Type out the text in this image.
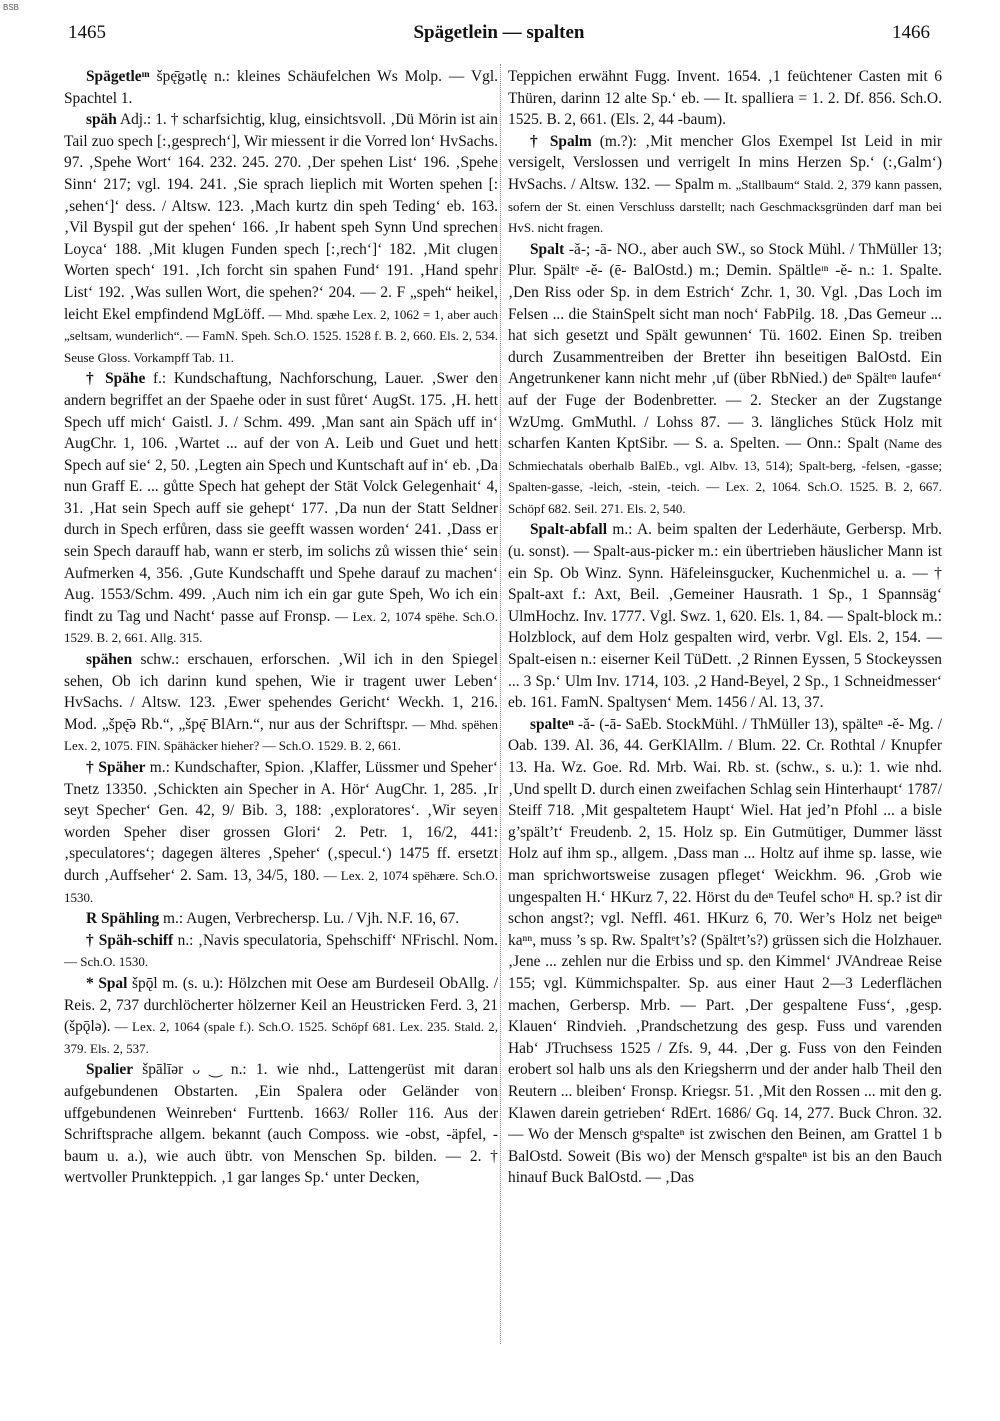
BSB
1465	Spägetlein — spalten	1466

Spägetleᶦⁿ špę̄gətlę n.: kleines Schäufelchen Ws Molp. — Vgl. Spachtel 1.

späh Adj.: 1. † scharfsichtig, klug, einsichtsvoll. ‚Dü Mörin ist ain Tail zuo spech [:‚gesprech‘], Wir miessent ir die Vorred lon‘ HvSachs. 97. ‚Spehe Wort‘ 164. 232. 245. 270. ‚Der spehen List‘ 196. ‚Spehe Sinn‘ 217; vgl. 194. 241. ‚Sie sprach lieplich mit Worten spehen [:‚sehen‘]‘ dess. / Altsw. 123. ‚Mach kurtz din speh Teding‘ eb. 163. ‚Vil Byspil gut der spehen‘ 166. ‚Ir habent speh Synn Und sprechen Loyca‘ 188. ‚Mit klugen Funden spech [:‚rech‘]‘ 182. ‚Mit clugen Worten spech‘ 191. ‚Ich forcht sin spahen Fund‘ 191. ‚Hand spehr List‘ 192. ‚Was sullen Wort, die spehen?‘ 204. — 2. F „speh“ heikel, leicht Ekel empfindend MgLöff. — Mhd. spæhe Lex. 2, 1062 = 1, aber auch „seltsam, wunderlich“. — FamN. Speh. Sch.O. 1525. 1528 f. B. 2, 660. Els. 2, 534. Seuse Gloss. Vorkampff Tab. 11.

† Spähe f.: Kundschaftung, Nachforschung, Lauer. ‚Swer den andern begriffet an der Spaehe oder in sust fůret‘ AugSt. 175. ‚H. hett Spech uff mich‘ Gaistl. J. / Schm. 499. ‚Man sant ain Späch uff in‘ AugChr. 1, 106. ‚Wartet ... auf der von A. Leib und Guet und hett Spech auf sie‘ 2, 50. ‚Legten ain Spech und Kuntschaft auf in‘ eb. ‚Da nun Graff E. ... gůtte Spech hat gehept der Stät Volck Gelegenhait‘ 4, 31. ‚Hat sein Spech auff sie gehept‘ 177. ‚Da nun der Statt Seldner durch in Spech erfůren, dass sie geefft wassen worden‘ 241. ‚Dass er sein Spech darauff hab, wann er sterb, im solichs zů wissen thie‘ sein Aufmerken 4, 356. ‚Gute Kundschafft und Spehe darauf zu machen‘ Aug. 1553/Schm. 499. ‚Auch nim ich ein gar gute Speh, Wo ich ein findt zu Tag und Nacht‘ passe auf Fronsp. — Lex. 2, 1074 spëhe. Sch.O. 1529. B. 2, 661. Allg. 315.

spähen schw.: erschauen, erforschen. ‚Wil ich in den Spiegel sehen, Ob ich darinn kund spehen, Wie ir tragent uwer Leben‘ HvSachs. / Altsw. 123. ‚Ewer spehendes Gericht‘ Weckh. 1, 216. Mod. „špę̄ə Rb.“, „špę̄ BlArn.“, nur aus der Schriftspr. — Mhd. spëhen Lex. 2, 1075. FIN. Spähäcker hieher? — Sch.O. 1529. B. 2, 661.

† Späher m.: Kundschafter, Spion. ‚Klaffer, Lüssmer und Speher‘ Tnetz 13350. ‚Schickten ain Specher in A. Hör‘ AugChr. 1, 285. ‚Ir seyt Specher‘ Gen. 42, 9/ Bib. 3, 188: ‚exploratores‘. ‚Wir seyen worden Speher diser grossen Glori‘ 2. Petr. 1, 16/2, 441: ‚speculatores‘; dagegen älteres ‚Speher‘ (‚specul.‘) 1475 ff. ersetzt durch ‚Auffseher‘ 2. Sam. 13, 34/5, 180. — Lex. 2, 1074 spëhære. Sch.O. 1530.

R Spähling m.: Augen, Verbrechersp. Lu. / Vjh. N.F. 16, 67.

† Späh-schiff n.: ‚Navis speculatoria, Spehschiff‘ NFrischl. Nom. — Sch.O. 1530.

* Spal špǭl m. (s. u.): Hölzchen mit Oese am Burdeseil ObAllg. / Reis. 2, 737 durchlöcherter hölzerner Keil an Heustricken Ferd. 3, 21 (špǭlə). — Lex. 2, 1064 (spale f.). Sch.O. 1525. Schöpf 681. Lex. 235. Stald. 2, 379. Els. 2, 537.

Spalier špālīər ᴗ ‿ n.: 1. wie nhd., Lattengerüst mit daran aufgebundenen Obstarten. ‚Ein Spalera oder Geländer von uffgebundenen Weinreben‘ Furttenb. 1663/ Roller 116. Aus der Schriftsprache allgem. bekannt (auch Composs. wie -obst, -äpfel, -baum u. a.), wie auch übtr. von Menschen Sp. bilden. — 2. † wertvoller Prunkteppich. ‚1 gar langes Sp.‘ unter Decken,

Teppichen erwähnt Fugg. Invent. 1654. ‚1 feüchtener Casten mit 6 Thüren, darinn 12 alte Sp.‘ eb. — It. spalliera = 1. 2. Df. 856. Sch.O. 1525. B. 2, 661. (Els. 2, 44 -baum).

† Spalm (m.?): ‚Mit mencher Glos Exempel Ist Leid in mir versigelt, Verslossen und verrigelt In mins Herzen Sp.‘ (:‚Galm‘) HvSachs. / Altsw. 132. — Spalm m. „Stallbaum“ Stald. 2, 379 kann passen, sofern der St. einen Verschluss darstellt; nach Geschmacksgründen darf man bei HvS. nicht fragen.

Spalt -ă-; -ā- NO., aber auch SW., so Stock Mühl. / ThMüller 13; Plur. Spältᵉ -ĕ- (ē- BalOstd.) m.; Demin. Spältleᶦⁿ -ĕ- n.: 1. Spalte. ‚Den Riss oder Sp. in dem Estrich‘ Zchr. 1, 30. Vgl. ‚Das Loch im Felsen ... die StainSpelt sicht man noch‘ FabPilg. 18. ‚Das Gemeur ... hat sich gesetzt und Spält gewunnen‘ Tü. 1602. Einen Sp. treiben durch Zusammentreiben der Bretter ihn beseitigen BalOstd. Ein Angetrunkener kann nicht mehr ‚uf (über RbNied.) deⁿ Spältᵉⁿ laufeⁿ‘ auf der Fuge der Bodenbretter. — 2. Stecker an der Zugstange WzUmg. GmMuthl. / Lohss 87. — 3. längliches Stück Holz mit scharfen Kanten KptSibr. — S. a. Spelten. — Onn.: Spalt (Name des Schmiechatals oberhalb BalEb., vgl. Albv. 13, 514); Spalt-berg, -felsen, -gasse; Spalten-gasse, -leich, -stein, -teich. — Lex. 2, 1064. Sch.O. 1525. B. 2, 667. Schöpf 682. Seil. 271. Els. 2, 540.

Spalt-abfall m.: A. beim spalten der Lederhäute, Gerbersp. Mrb. (u. sonst). — Spalt-aus-picker m.: ein übertrieben häuslicher Mann ist ein Sp. Ob Winz. Synn. Häfeleinsgucker, Kuchenmichel u. a. — † Spalt-axt f.: Axt, Beil. ‚Gemeiner Hausrath. 1 Sp., 1 Spannsäg‘ UlmHochz. Inv. 1777. Vgl. Swz. 1, 620. Els. 1, 84. — Spalt-block m.: Holzblock, auf dem Holz gespalten wird, verbr. Vgl. Els. 2, 154. — Spalt-eisen n.: eiserner Keil TüDett. ‚2 Rinnen Eyssen, 5 Stockeyssen ... 3 Sp.‘ Ulm Inv. 1714, 103. ‚2 Hand-Beyel, 2 Sp., 1 Schneidmesser‘ eb. 161. FamN. Spaltysen‘ Mem. 1456 / Al. 13, 37.

spalteⁿ -ă- (-ā- SaEb. StockMühl. / ThMüller 13), spälteⁿ -ĕ- Mg. / Oab. 139. Al. 36, 44. GerKlAllm. / Blum. 22. Cr. Rothtal / Knupfer 13. Ha. Wz. Goe. Rd. Mrb. Wai. Rb. st. (schw., s. u.): 1. wie nhd. ‚Und spellt D. durch einen zweifachen Schlag sein Hinterhaupt‘ 1787/ Steiff 718. ‚Mit gespaltetem Haupt‘ Wiel. Hat jed’n Pfohl ... a bisle g’spält’t‘ Freudenb. 2, 15. Holz sp. Ein Gutmütiger, Dummer lässt Holz auf ihm sp., allgem. ‚Dass man ... Holtz auf ihme sp. lasse, wie man sprichwortsweise zusagen pfleget‘ Weickhm. 96. ‚Grob wie ungespalten H.‘ HKurz 7, 22. Hörst du deⁿ Teufel schoⁿ H. sp.? ist dir schon angst?; vgl. Neffl. 461. HKurz 6, 70. Wer’s Holz net beigeⁿ kaⁿⁿ, muss ’s sp. Rw. Spaltᵉt’s? (Spältᵉt’s?) grüssen sich die Holzhauer. ‚Jene ... zehlen nur die Erbiss und sp. den Kimmel‘ JVAndreae Reise 155; vgl. Kümmichspalter. Sp. aus einer Haut 2—3 Lederflächen machen, Gerbersp. Mrb. — Part. ‚Der gespaltene Fuss‘, ‚gesp. Klauen‘ Rindvieh. ‚Prandschetzung des gesp. Fuss und varenden Hab‘ JTruchsess 1525 / Zfs. 9, 44. ‚Der g. Fuss von den Feinden erobert sol halb uns als den Kriegsherrn und der ander halb Theil den Reutern ... bleiben‘ Fronsp. Kriegsr. 51. ‚Mit den Rossen ... mit den g. Klawen darein getrieben‘ RdErt. 1686/ Gq. 14, 277. Buck Chron. 32. — Wo der Mensch gᵉspalteⁿ ist zwischen den Beinen, am Grattel 1 b BalOstd. Soweit (Bis wo) der Mensch gᵉspalteⁿ ist bis an den Bauch hinauf Buck BalOstd. — ‚Das
